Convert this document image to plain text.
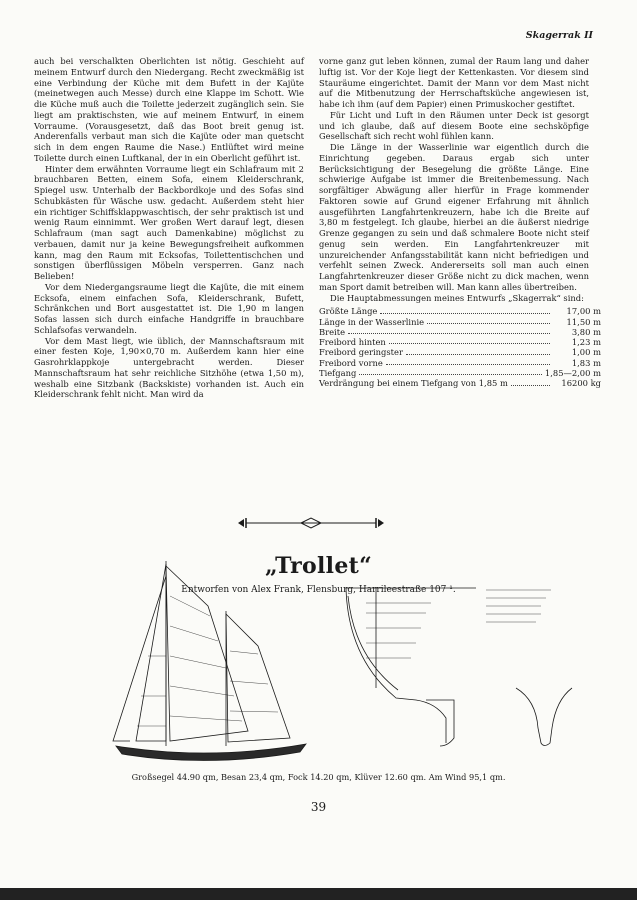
Skagerrak II

auch bei verschalkten Oberlichten ist nötig. Geschieht auf meinem Entwurf durch den Niedergang. Recht zweckmäßig ist eine Verbindung der Küche mit dem Bufett in der Kajüte (meinetwegen auch Messe) durch eine Klappe im Schott. Wie die Küche muß auch die Toilette jederzeit zugänglich sein. Sie liegt am praktischsten, wie auf meinem Entwurf, in einem Vorraume. (Vorausgesetzt, daß das Boot breit genug ist. Anderenfalls verbaut man sich die Kajüte oder man quetscht sich in dem engen Raume die Nase.) Entlüftet wird meine Toilette durch einen Luftkanal, der in ein Oberlicht geführt ist.

Hinter dem erwähnten Vorraume liegt ein Schlafraum mit 2 brauchbaren Betten, einem Sofa, einem Kleiderschrank, Spiegel usw. Unterhalb der Backbordkoje und des Sofas sind Schubkästen für Wäsche usw. gedacht. Außerdem steht hier ein richtiger Schiffsklappwaschtisch, der sehr praktisch ist und wenig Raum einnimmt. Wer großen Wert darauf legt, diesen Schlafraum (man sagt auch Damenkabine) möglichst zu verbauen, damit nur ja keine Bewegungsfreiheit aufkommen kann, mag den Raum mit Ecksofas, Toilettentischchen und sonstigen überflüssigen Möbeln versperren. Ganz nach Belieben!

Vor dem Niedergangsraume liegt die Kajüte, die mit einem Ecksofa, einem einfachen Sofa, Kleiderschrank, Bufett, Schränkchen und Bort ausgestattet ist. Die 1,90 m langen Sofas lassen sich durch einfache Handgriffe in brauchbare Schlafsofas verwandeln.

Vor dem Mast liegt, wie üblich, der Mannschaftsraum mit einer festen Koje, 1,90×0,70 m. Außerdem kann hier eine Gasrohrklappkoje untergebracht werden. Dieser Mannschaftsraum hat sehr reichliche Sitzhöhe (etwa 1,50 m), weshalb eine Sitzbank (Backskiste) vorhanden ist. Auch ein Kleiderschrank fehlt nicht. Man wird da

vorne ganz gut leben können, zumal der Raum lang und daher luftig ist. Vor der Koje liegt der Kettenkasten. Vor diesem sind Stauräume eingerichtet. Damit der Mann vor dem Mast nicht auf die Mitbenutzung der Herrschaftsküche angewiesen ist, habe ich ihm (auf dem Papier) einen Primuskocher gestiftet.

Für Licht und Luft in den Räumen unter Deck ist gesorgt und ich glaube, daß auf diesem Boote eine sechsköpfige Gesellschaft sich recht wohl fühlen kann.

Die Länge in der Wasserlinie war eigentlich durch die Einrichtung gegeben. Daraus ergab sich unter Berücksichtigung der Besegelung die größte Länge. Eine schwierige Aufgabe ist immer die Breitenbemessung. Nach sorgfältiger Abwägung aller hierfür in Frage kommender Faktoren sowie auf Grund eigener Erfahrung mit ähnlich ausgeführten Langfahrtenkreuzern, habe ich die Breite auf 3,80 m festgelegt. Ich glaube, hierbei an die äußerst niedrige Grenze gegangen zu sein und daß schmalere Boote nicht steif genug sein werden. Ein Langfahrtenkreuzer mit unzureichender Anfangsstabilität kann nicht befriedigen und verfehlt seinen Zweck. Andererseits soll man auch einen Langfahrtenkreuzer dieser Größe nicht zu dick machen, wenn man Sport damit betreiben will. Man kann alles übertreiben.

Die Hauptabmessungen meines Entwurfs „Skagerrak“ sind:

Größte Länge	17,00 m
Länge in der Wasserlinie	11,50 m
Breite	3,80 m
Freibord hinten	1,23 m
Freibord geringster	1,00 m
Freibord vorne	1,83 m
Tiefgang	1,85—2,00 m
Verdrängung bei einem Tiefgang von 1,85 m	16200 kg
„Trollet“
Entworfen von Alex Frank, Flensburg, Harrileestraße 107 ¹.
Großsegel 44.90 qm, Besan 23,4 qm, Fock 14.20 qm, Klüver 12.60 qm. Am Wind 95,1 qm.
39
